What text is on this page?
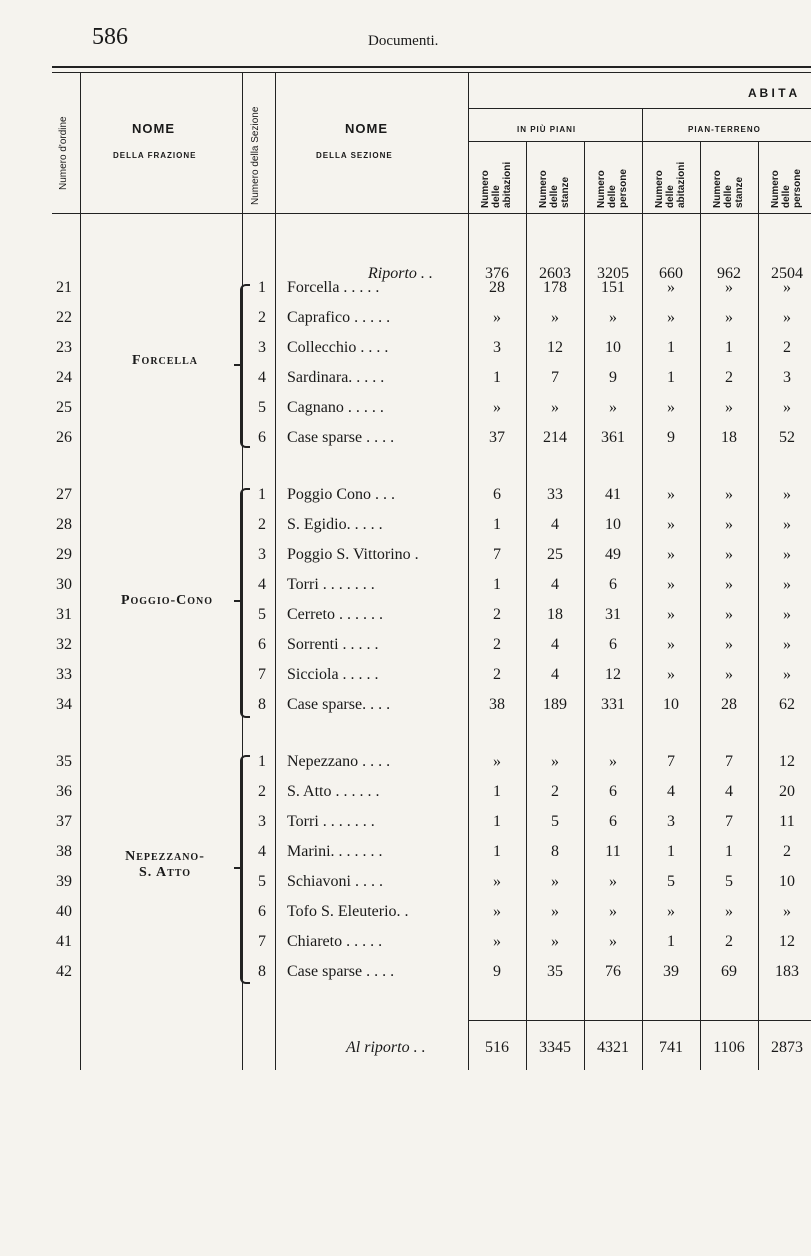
586	Documenti.
Numero d'ordine	NOME
DELLA FRAZIONE	Numero della Sezione	NOME
DELLA SEZIONE
A B I T A
IN PIÙ PIANI	PIAN-TERRENO
Numero
delle
abitazioni	Numero
delle
stanze	Numero
delle
persone	Numero
delle
abitazioni	Numero
delle
stanze	Numero
delle
persone
Riporto . .	376	2603	3205	660	962	2504
21	1	Forcella . . . . .	28	178	151	»	»	»
22	2	Caprafico . . . . .	»	»	»	»	»	»
23	3	Collecchio . . . .	3	12	10	1	1	2
24	4	Sardinara. . . . .	1	7	9	1	2	3
25	5	Cagnano . . . . .	»	»	»	»	»	»
26	6	Case sparse . . . .	37	214	361	9	18	52
27	1	Poggio Cono . . .	6	33	41	»	»	»
28	2	S. Egidio. . . . .	1	4	10	»	»	»
29	3	Poggio S. Vittorino .	7	25	49	»	»	»
30	4	Torri . . . . . . .	1	4	6	»	»	»
31	5	Cerreto . . . . . .	2	18	31	»	»	»
32	6	Sorrenti . . . . .	2	4	6	»	»	»
33	7	Sicciola . . . . .	2	4	12	»	»	»
34	8	Case sparse. . . .	38	189	331	10	28	62
35	1	Nepezzano . . . .	»	»	»	7	7	12
36	2	S. Atto . . . . . .	1	2	6	4	4	20
37	3	Torri . . . . . . .	1	5	6	3	7	11
38	4	Marini. . . . . . .	1	8	11	1	1	2
39	5	Schiavoni . . . .	»	»	»	5	5	10
40	6	Tofo S. Eleuterio. .	»	»	»	»	»	»
41	7	Chiareto . . . . .	»	»	»	1	2	12
42	8	Case sparse . . . .	9	35	76	39	69	183
Forcella
Poggio-Cono
Nepezzano-
S. Atto
Al riporto . .	516	3345	4321	741	1106	2873
